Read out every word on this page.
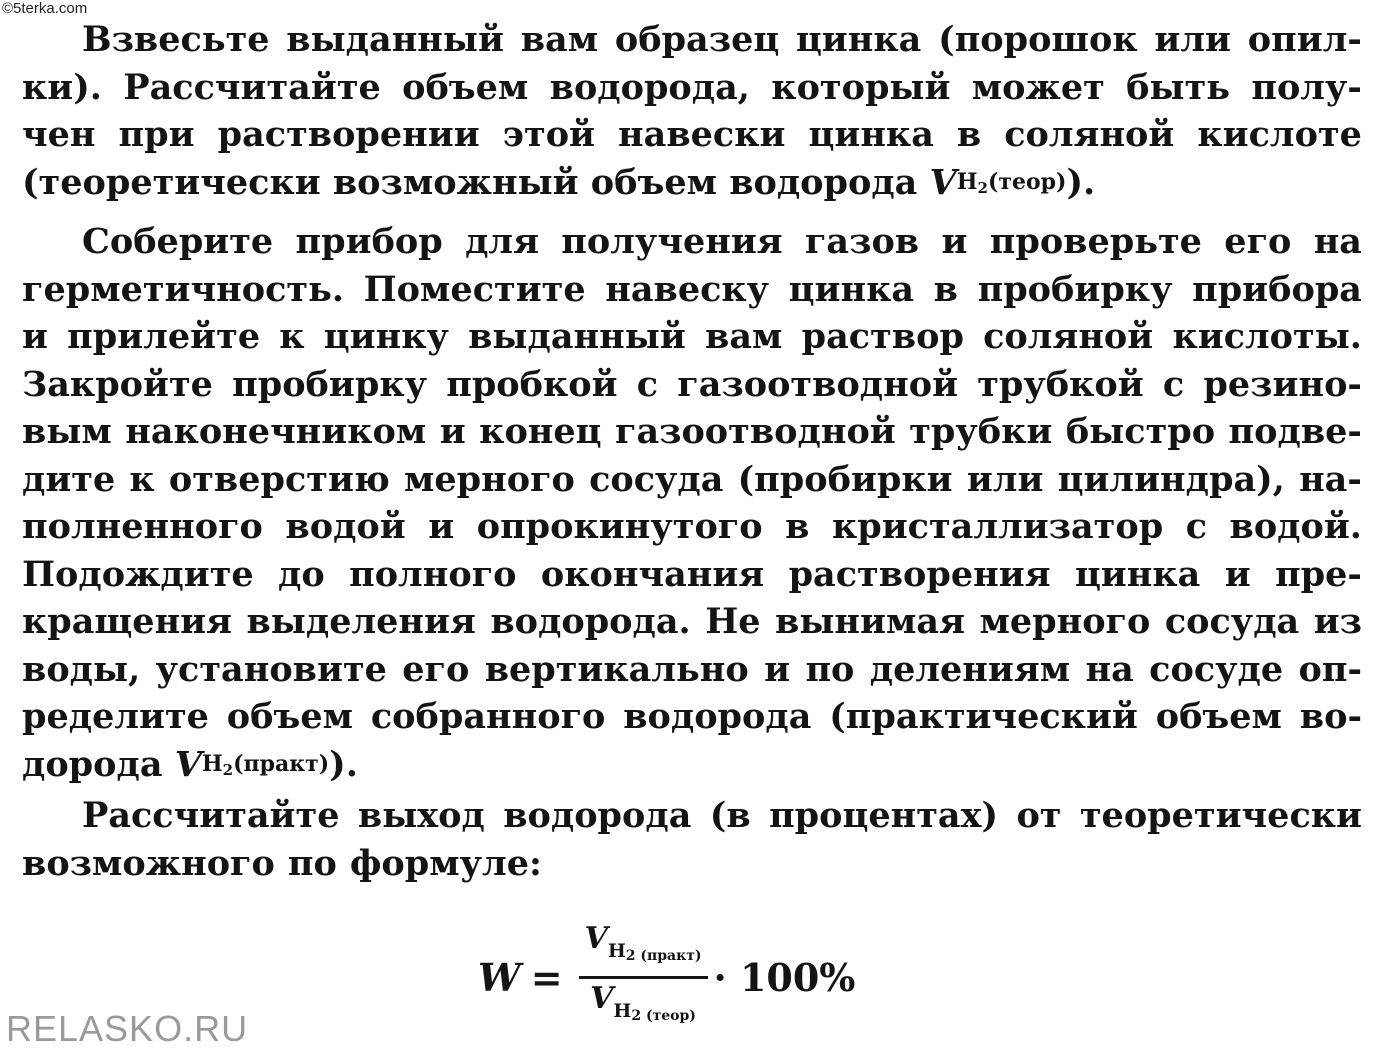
©5terka.com
Взвесьте выданный вам образец цинка (порошок или опил-
ки). Рассчитайте объем водорода, который может быть полу-
чен при растворении этой навески цинка в соляной кислоте
(теоретически возможный объем водорода
V H2(теор) ).
Соберите прибор для получения газов и проверьте его на
герметичность. Поместите навеску цинка в пробирку прибора
и прилейте к цинку выданный вам раствор соляной кислоты.
Закройте пробирку пробкой с газоотводной трубкой с резино-
вым наконечником и конец газоотводной трубки быстро подве-
дите к отверстию мерного сосуда (пробирки или цилиндра), на-
полненного водой и опрокинутого в кристаллизатор с водой.
Подождите до полного окончания растворения цинка и пре-
кращения выделения водорода. Не вынимая мерного сосуда из
воды, установите его вертикально и по делениям на сосуде оп-
ределите объем собранного водорода (практический объем во-
дорода
V H2(практ) ).
Рассчитайте выход водорода (в процентах) от теоретически
возможного по формуле:
$W = \frac{V_{H2 (практ)}}{V_{H2 (теор)}} \cdot 100\%$
RELASKO.RU
